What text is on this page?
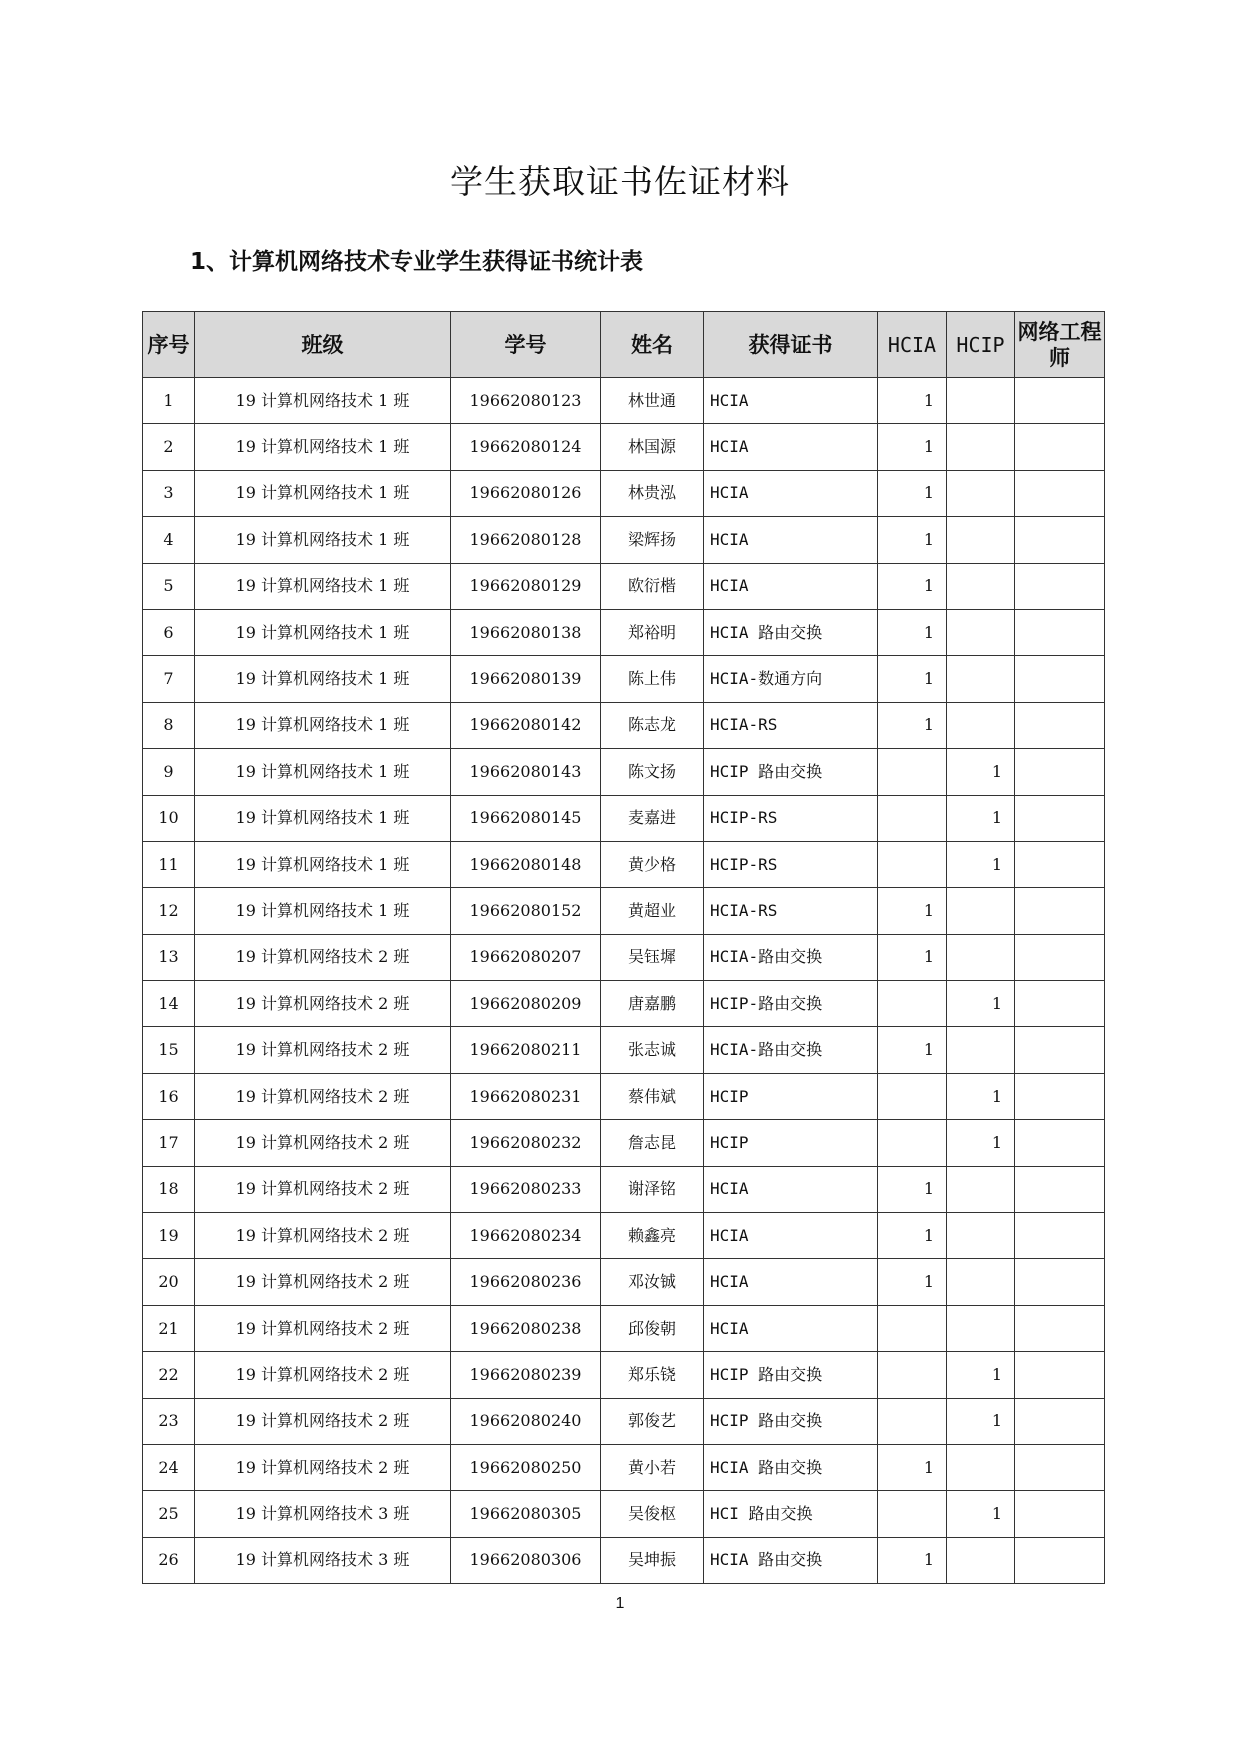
学生获取证书佐证材料
1、计算机网络技术专业学生获得证书统计表
序号	班级	学号	姓名	获得证书	HCIA	HCIP	网络工程师
1	19 计算机网络技术 1 班	19662080123	林世通	HCIA	1		
2	19 计算机网络技术 1 班	19662080124	林国源	HCIA	1		
3	19 计算机网络技术 1 班	19662080126	林贵泓	HCIA	1		
4	19 计算机网络技术 1 班	19662080128	梁辉扬	HCIA	1		
5	19 计算机网络技术 1 班	19662080129	欧衍楷	HCIA	1		
6	19 计算机网络技术 1 班	19662080138	郑裕明	HCIA 路由交换	1		
7	19 计算机网络技术 1 班	19662080139	陈上伟	HCIA-数通方向	1		
8	19 计算机网络技术 1 班	19662080142	陈志龙	HCIA-RS	1		
9	19 计算机网络技术 1 班	19662080143	陈文扬	HCIP 路由交换		1	
10	19 计算机网络技术 1 班	19662080145	麦嘉进	HCIP-RS		1	
11	19 计算机网络技术 1 班	19662080148	黄少格	HCIP-RS		1	
12	19 计算机网络技术 1 班	19662080152	黄超业	HCIA-RS	1		
13	19 计算机网络技术 2 班	19662080207	吴钰墀	HCIA-路由交换	1		
14	19 计算机网络技术 2 班	19662080209	唐嘉鹏	HCIP-路由交换		1	
15	19 计算机网络技术 2 班	19662080211	张志诚	HCIA-路由交换	1		
16	19 计算机网络技术 2 班	19662080231	蔡伟斌	HCIP		1	
17	19 计算机网络技术 2 班	19662080232	詹志昆	HCIP		1	
18	19 计算机网络技术 2 班	19662080233	谢泽铭	HCIA	1		
19	19 计算机网络技术 2 班	19662080234	赖鑫亮	HCIA	1		
20	19 计算机网络技术 2 班	19662080236	邓汝铖	HCIA	1		
21	19 计算机网络技术 2 班	19662080238	邱俊朝	HCIA			
22	19 计算机网络技术 2 班	19662080239	郑乐铙	HCIP 路由交换		1	
23	19 计算机网络技术 2 班	19662080240	郭俊艺	HCIP 路由交换		1	
24	19 计算机网络技术 2 班	19662080250	黄小若	HCIA 路由交换	1		
25	19 计算机网络技术 3 班	19662080305	吴俊枢	HCI 路由交换		1	
26	19 计算机网络技术 3 班	19662080306	吴坤振	HCIA 路由交换	1		
1
